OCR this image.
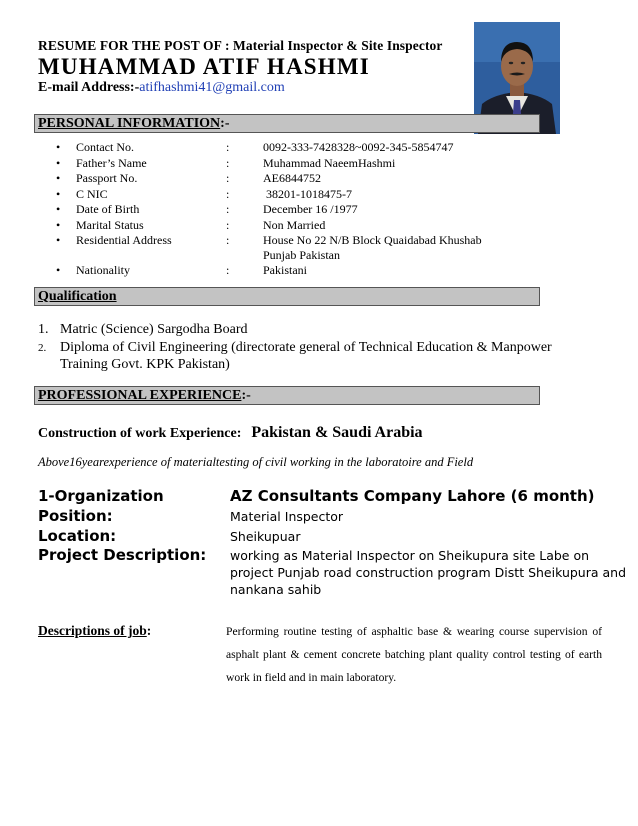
RESUME FOR THE POST OF : Material Inspector & Site Inspector
MUHAMMAD ATIF HASHMI
E-mail Address:-atifhashmi41@gmail.com
PERSONAL INFORMATION:-
• Contact No.	:	0092-333-7428328~0092-345-5854747
• Father’s Name	:	Muhammad NaeemHashmi
• Passport No.	:	AE6844752
• C NIC	:	38201-1018475-7
• Date of Birth	:	December 16 /1977
• Marital Status	:	Non Married
• Residential Address	:	House No 22 N/B Block Quaidabad Khushab
Punjab Pakistan
• Nationality	:	Pakistani
Qualification
1. Matric (Science) Sargodha Board
2. Diploma of Civil Engineering (directorate general of Technical Education & Manpower
Training Govt. KPK Pakistan)
PROFESSIONAL EXPERIENCE:-
Construction of work Experience: Pakistan & Saudi Arabia
Above16yearexperience of materialtesting of civil working in the laboratoire and Field
1-Organization	AZ Consultants Company Lahore (6 month)
Position:	Material Inspector
Location:	Sheikupuar
Project Description: working as Material Inspector on Sheikupura site Labe on
project Punjab road construction program Distt Sheikupura and
nankana sahib
Descriptions of job:	Performing routine testing of asphaltic base & wearing course supervision of asphalt plant & cement concrete batching plant quality control testing of earth work in field and in main laboratory.
